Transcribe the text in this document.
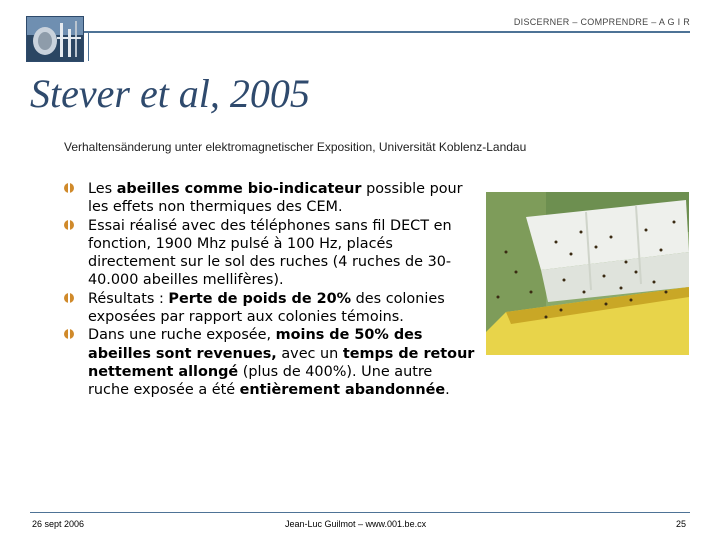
DISCERNER – COMPRENDRE – A G I R
Stever et al, 2005
Verhaltensänderung unter elektromagnetischer Exposition, Universität Koblenz-Landau
Les abeilles comme bio-indicateur possible pour les effets non thermiques des CEM.
Essai réalisé avec des téléphones sans fil DECT en fonction, 1900 Mhz pulsé à 100 Hz, placés directement sur le sol des ruches (4 ruches de 30-40.000 abeilles mellifères).
Résultats : Perte de poids de 20% des colonies exposées par rapport aux colonies témoins.
Dans une ruche exposée, moins de 50% des abeilles sont revenues, avec un temps de retour nettement allongé (plus de 400%). Une autre ruche exposée a été entièrement abandonnée.
26 sept 2006	Jean-Luc Guilmot – www.001.be.cx	25
